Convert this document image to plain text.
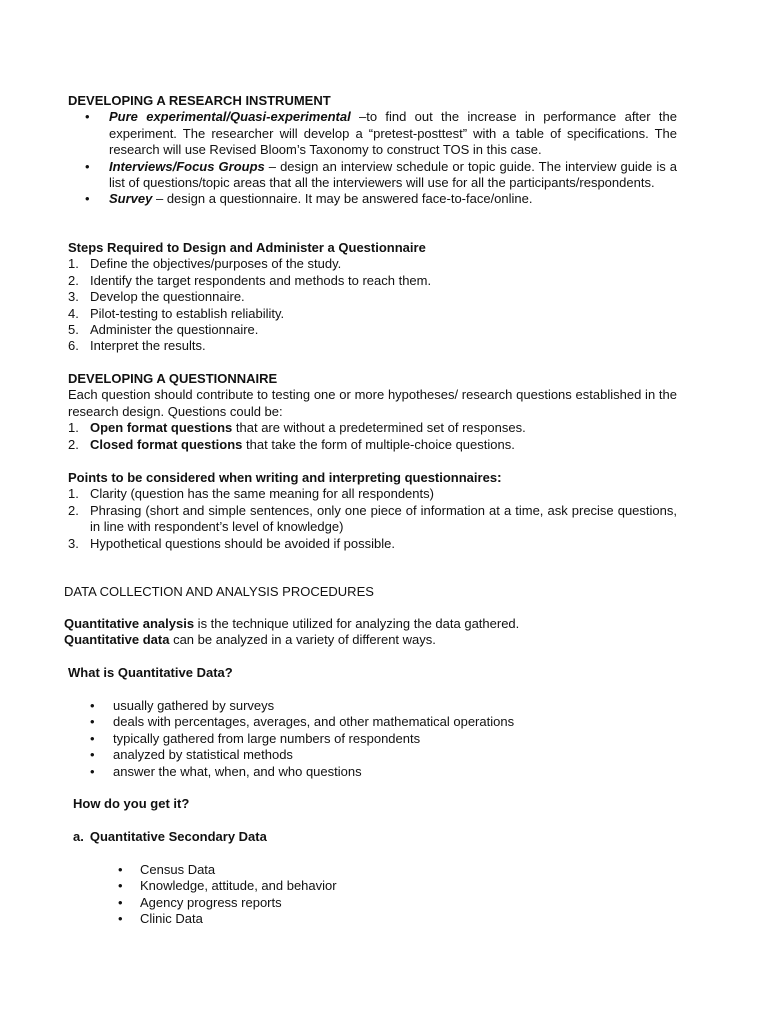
DEVELOPING A RESEARCH INSTRUMENT

• Pure experimental/Quasi-experimental –to find out the increase in performance after the experiment. The researcher will develop a “pretest-posttest” with a table of specifications. The research will use Revised Bloom’s Taxonomy to construct TOS in this case.
• Interviews/Focus Groups – design an interview schedule or topic guide. The interview guide is a list of questions/topic areas that all the interviewers will use for all the participants/respondents.
• Survey – design a questionnaire. It may be answered face-to-face/online.

Steps Required to Design and Administer a Questionnaire

1. Define the objectives/purposes of the study.
2. Identify the target respondents and methods to reach them.
3. Develop the questionnaire.
4. Pilot-testing to establish reliability.
5. Administer the questionnaire.
6. Interpret the results.

DEVELOPING A QUESTIONNAIRE

Each question should contribute to testing one or more hypotheses/ research questions established in the research design. Questions could be:

1. Open format questions that are without a predetermined set of responses.
2. Closed format questions that take the form of multiple-choice questions.

Points to be considered when writing and interpreting questionnaires:

1. Clarity (question has the same meaning for all respondents)
2. Phrasing (short and simple sentences, only one piece of information at a time, ask precise questions, in line with respondent’s level of knowledge)
3. Hypothetical questions should be avoided if possible.

DATA COLLECTION AND ANALYSIS PROCEDURES

Quantitative analysis is the technique utilized for analyzing the data gathered.

Quantitative data can be analyzed in a variety of different ways.

What is Quantitative Data?

• usually gathered by surveys
• deals with percentages, averages, and other mathematical operations
• typically gathered from large numbers of respondents
• analyzed by statistical methods
• answer the what, when, and who questions

How do you get it?

a. Quantitative Secondary Data

• Census Data
• Knowledge, attitude, and behavior
• Agency progress reports
• Clinic Data
